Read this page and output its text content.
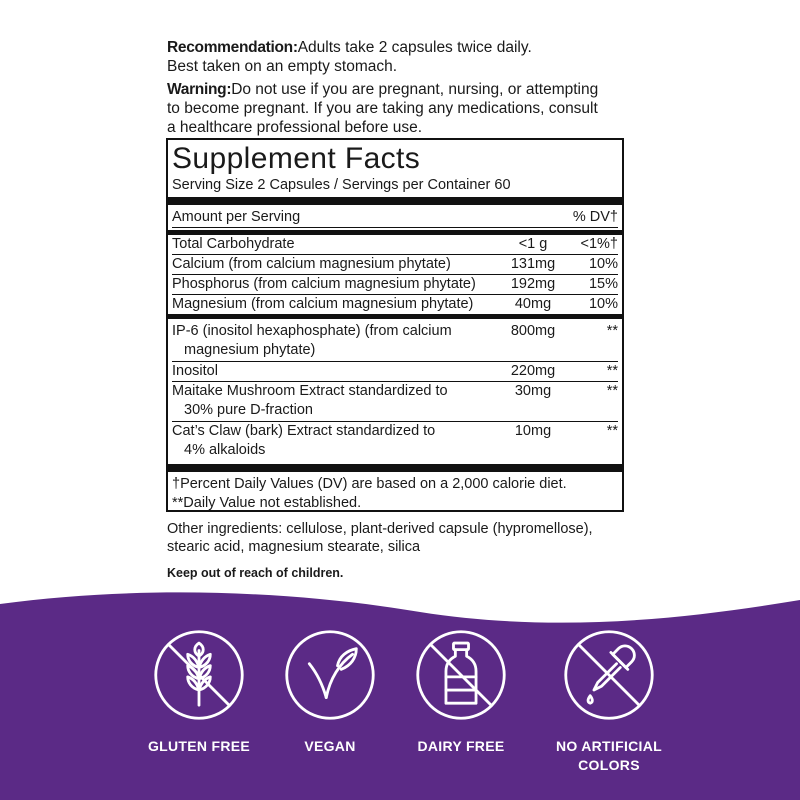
Recommendation:Adults take 2 capsules twice daily.
Best taken on an empty stomach.

Warning:Do not use if you are pregnant, nursing, or attempting
to become pregnant. If you are taking any medications, consult
a healthcare professional before use.

Supplement Facts
Serving Size 2 Capsules / Servings per Container 60
Amount per Serving	% DV†
Total Carbohydrate	<1 g	<1%†
Calcium (from calcium magnesium phytate)	131mg	10%
Phosphorus (from calcium magnesium phytate)	192mg	15%
Magnesium (from calcium magnesium phytate)	40mg	10%
IP-6 (inositol hexaphosphate) (from calcium
magnesium phytate)
800mg	**
Inositol	220mg	**
Maitake Mushroom Extract standardized to
30% pure D-fraction
30mg	**
Cat’s Claw (bark) Extract standardized to
4% alkaloids
10mg	**
†Percent Daily Values (DV) are based on a 2,000 calorie diet.
**Daily Value not established.
Other ingredients: cellulose, plant-derived capsule (hypromellose),
stearic acid, magnesium stearate, silica
Keep out of reach of children.
GLUTEN FREE	VEGAN	DAIRY FREE	NO ARTIFICIAL
COLORS
